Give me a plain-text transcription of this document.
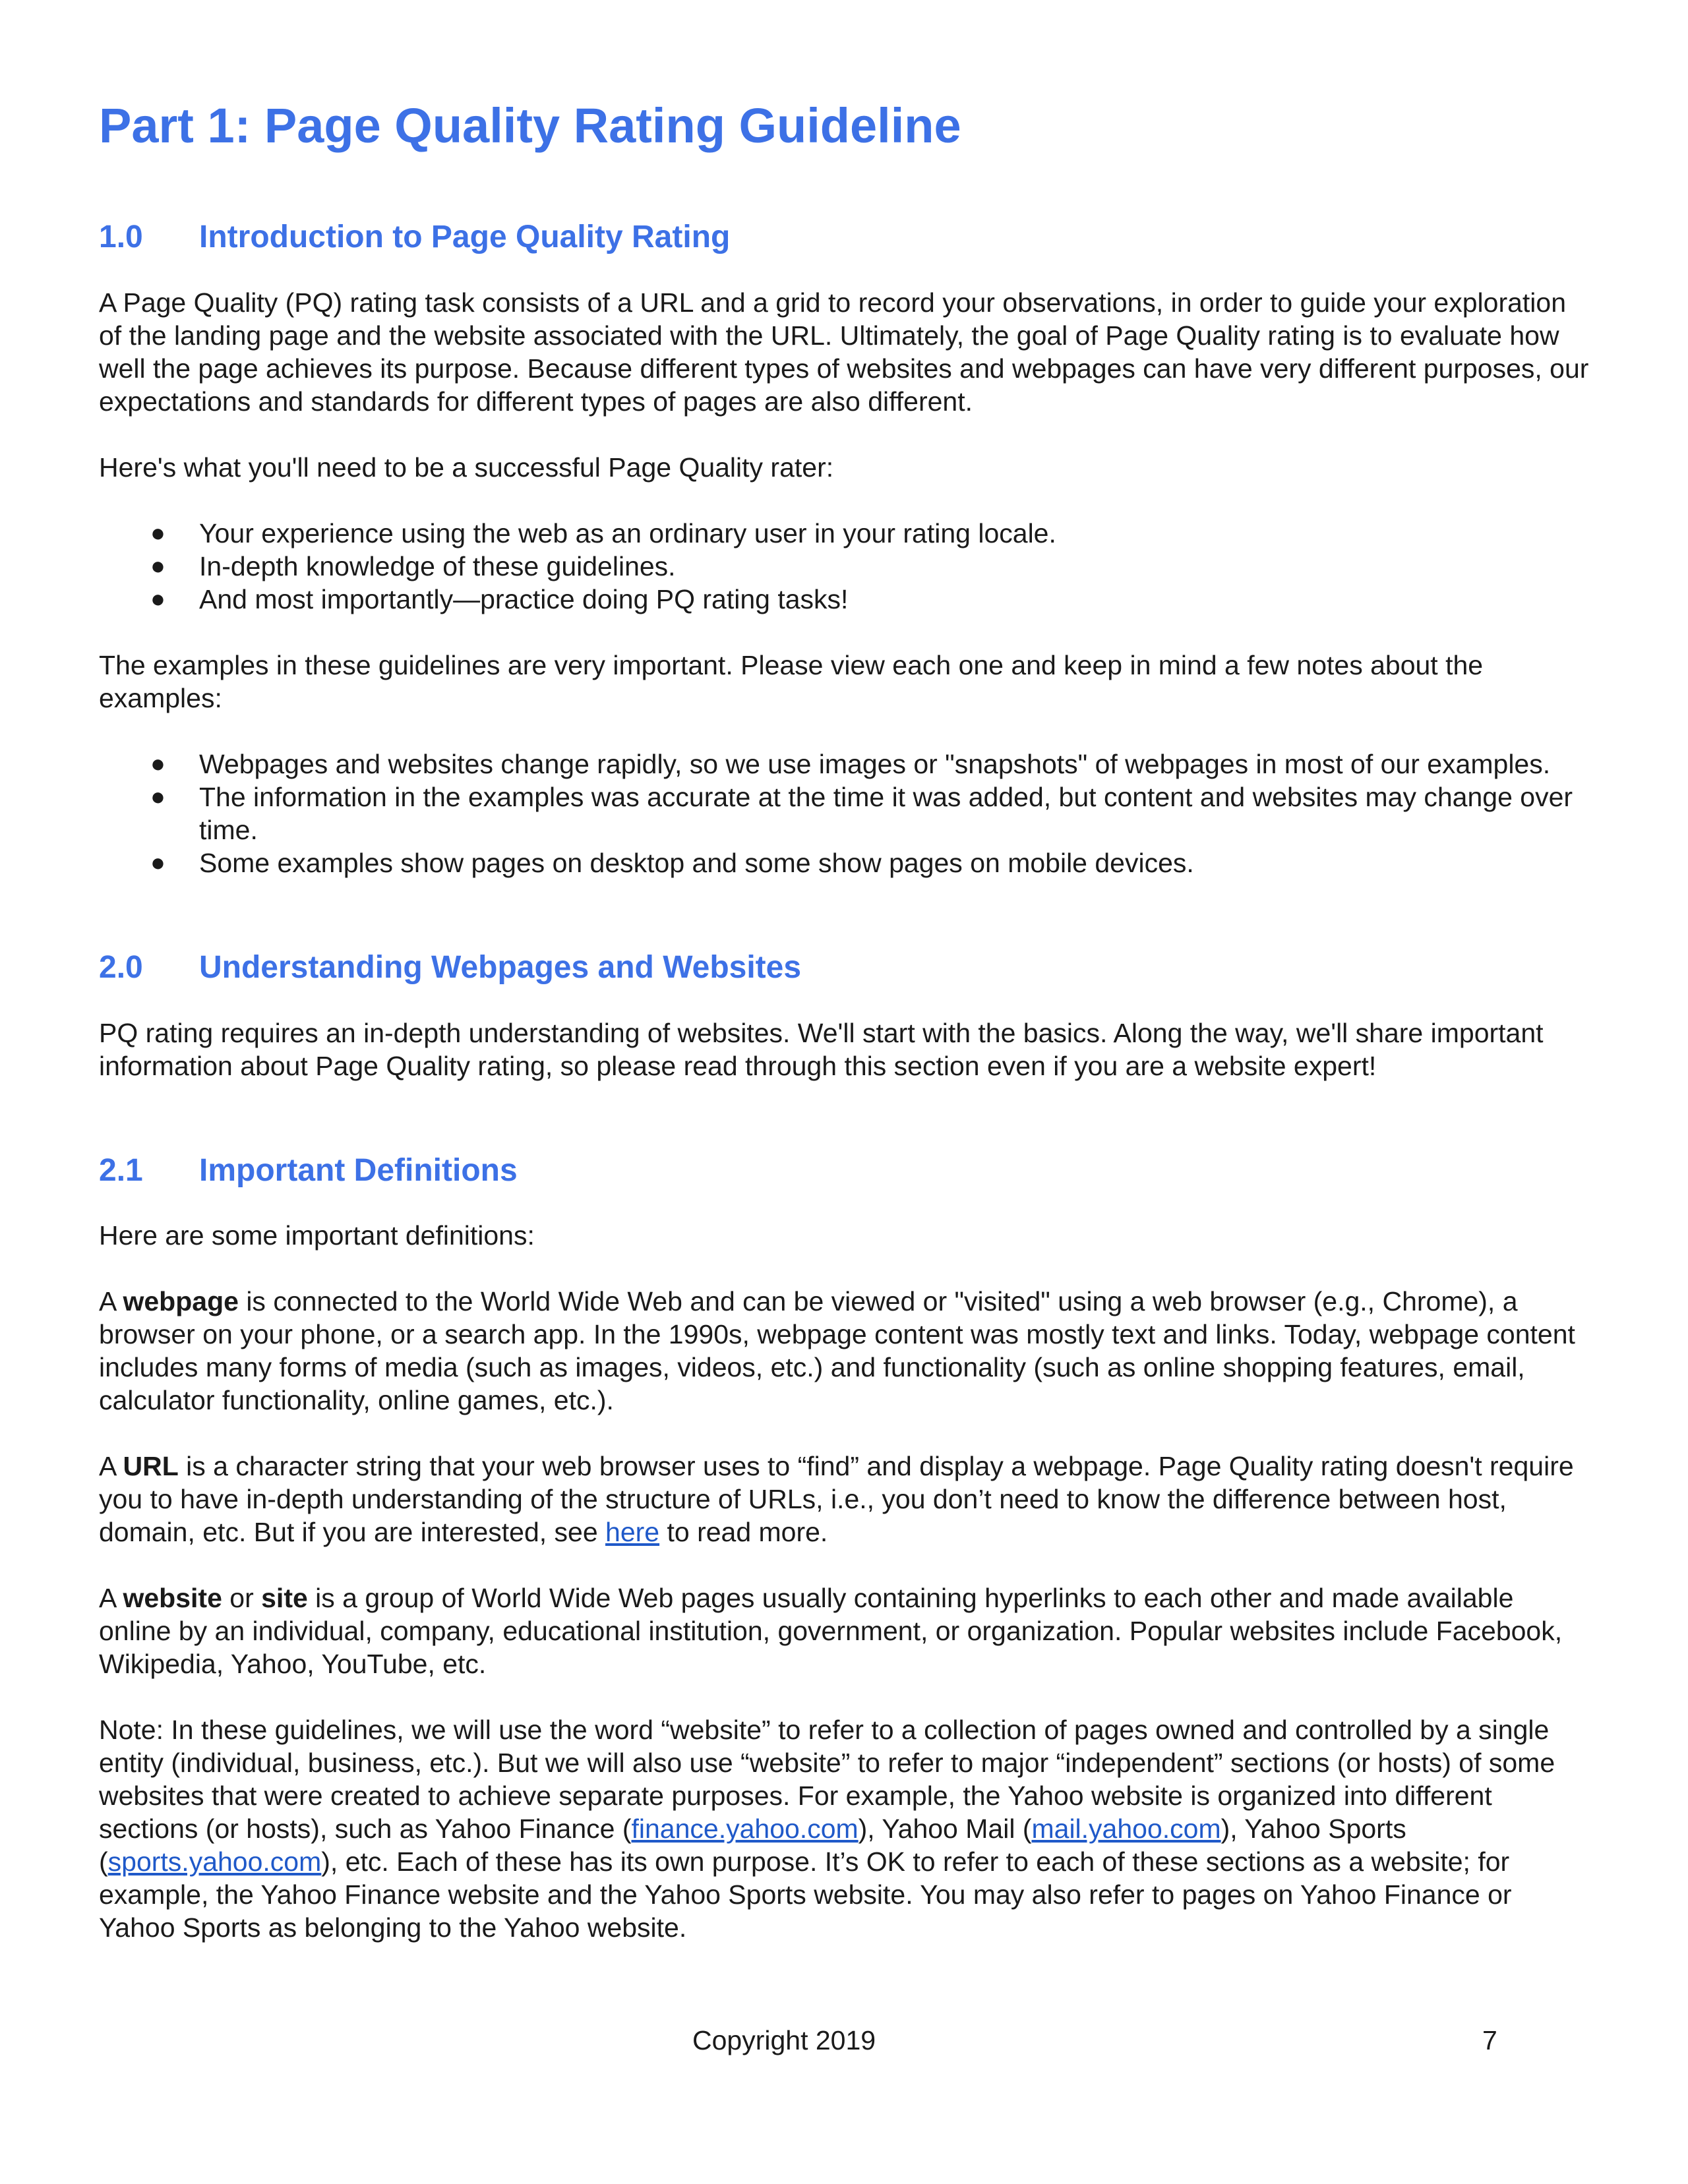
Part 1: Page Quality Rating Guideline
1.0	Introduction to Page Quality Rating

A Page Quality (PQ) rating task consists of a URL and a grid to record your observations, in order to guide your exploration of the landing page and the website associated with the URL. Ultimately, the goal of Page Quality rating is to evaluate how well the page achieves its purpose. Because different types of websites and webpages can have very different purposes, our expectations and standards for different types of pages are also different.

Here's what you'll need to be a successful Page Quality rater:

● Your experience using the web as an ordinary user in your rating locale.
● In-depth knowledge of these guidelines.
● And most importantly—practice doing PQ rating tasks!

The examples in these guidelines are very important. Please view each one and keep in mind a few notes about the examples:

● Webpages and websites change rapidly, so we use images or "snapshots" of webpages in most of our examples.
● The information in the examples was accurate at the time it was added, but content and websites may change over time.
● Some examples show pages on desktop and some show pages on mobile devices.
2.0	Understanding Webpages and Websites

PQ rating requires an in-depth understanding of websites. We'll start with the basics. Along the way, we'll share important information about Page Quality rating, so please read through this section even if you are a website expert!

2.1	Important Definitions

Here are some important definitions:

A webpage is connected to the World Wide Web and can be viewed or "visited" using a web browser (e.g., Chrome), a browser on your phone, or a search app. In the 1990s, webpage content was mostly text and links. Today, webpage content includes many forms of media (such as images, videos, etc.) and functionality (such as online shopping features, email, calculator functionality, online games, etc.).

A URL is a character string that your web browser uses to “find” and display a webpage. Page Quality rating doesn't require you to have in-depth understanding of the structure of URLs, i.e., you don’t need to know the difference between host, domain, etc. But if you are interested, see here to read more.

A website or site is a group of World Wide Web pages usually containing hyperlinks to each other and made available online by an individual, company, educational institution, government, or organization. Popular websites include Facebook, Wikipedia, Yahoo, YouTube, etc.

Note: In these guidelines, we will use the word “website” to refer to a collection of pages owned and controlled by a single entity (individual, business, etc.). But we will also use “website” to refer to major “independent” sections (or hosts) of some websites that were created to achieve separate purposes. For example, the Yahoo website is organized into different sections (or hosts), such as Yahoo Finance (finance.yahoo.com), Yahoo Mail (mail.yahoo.com), Yahoo Sports (sports.yahoo.com), etc. Each of these has its own purpose. It’s OK to refer to each of these sections as a website; for example, the Yahoo Finance website and the Yahoo Sports website. You may also refer to pages on Yahoo Finance or Yahoo Sports as belonging to the Yahoo website.

Copyright 2019	7
